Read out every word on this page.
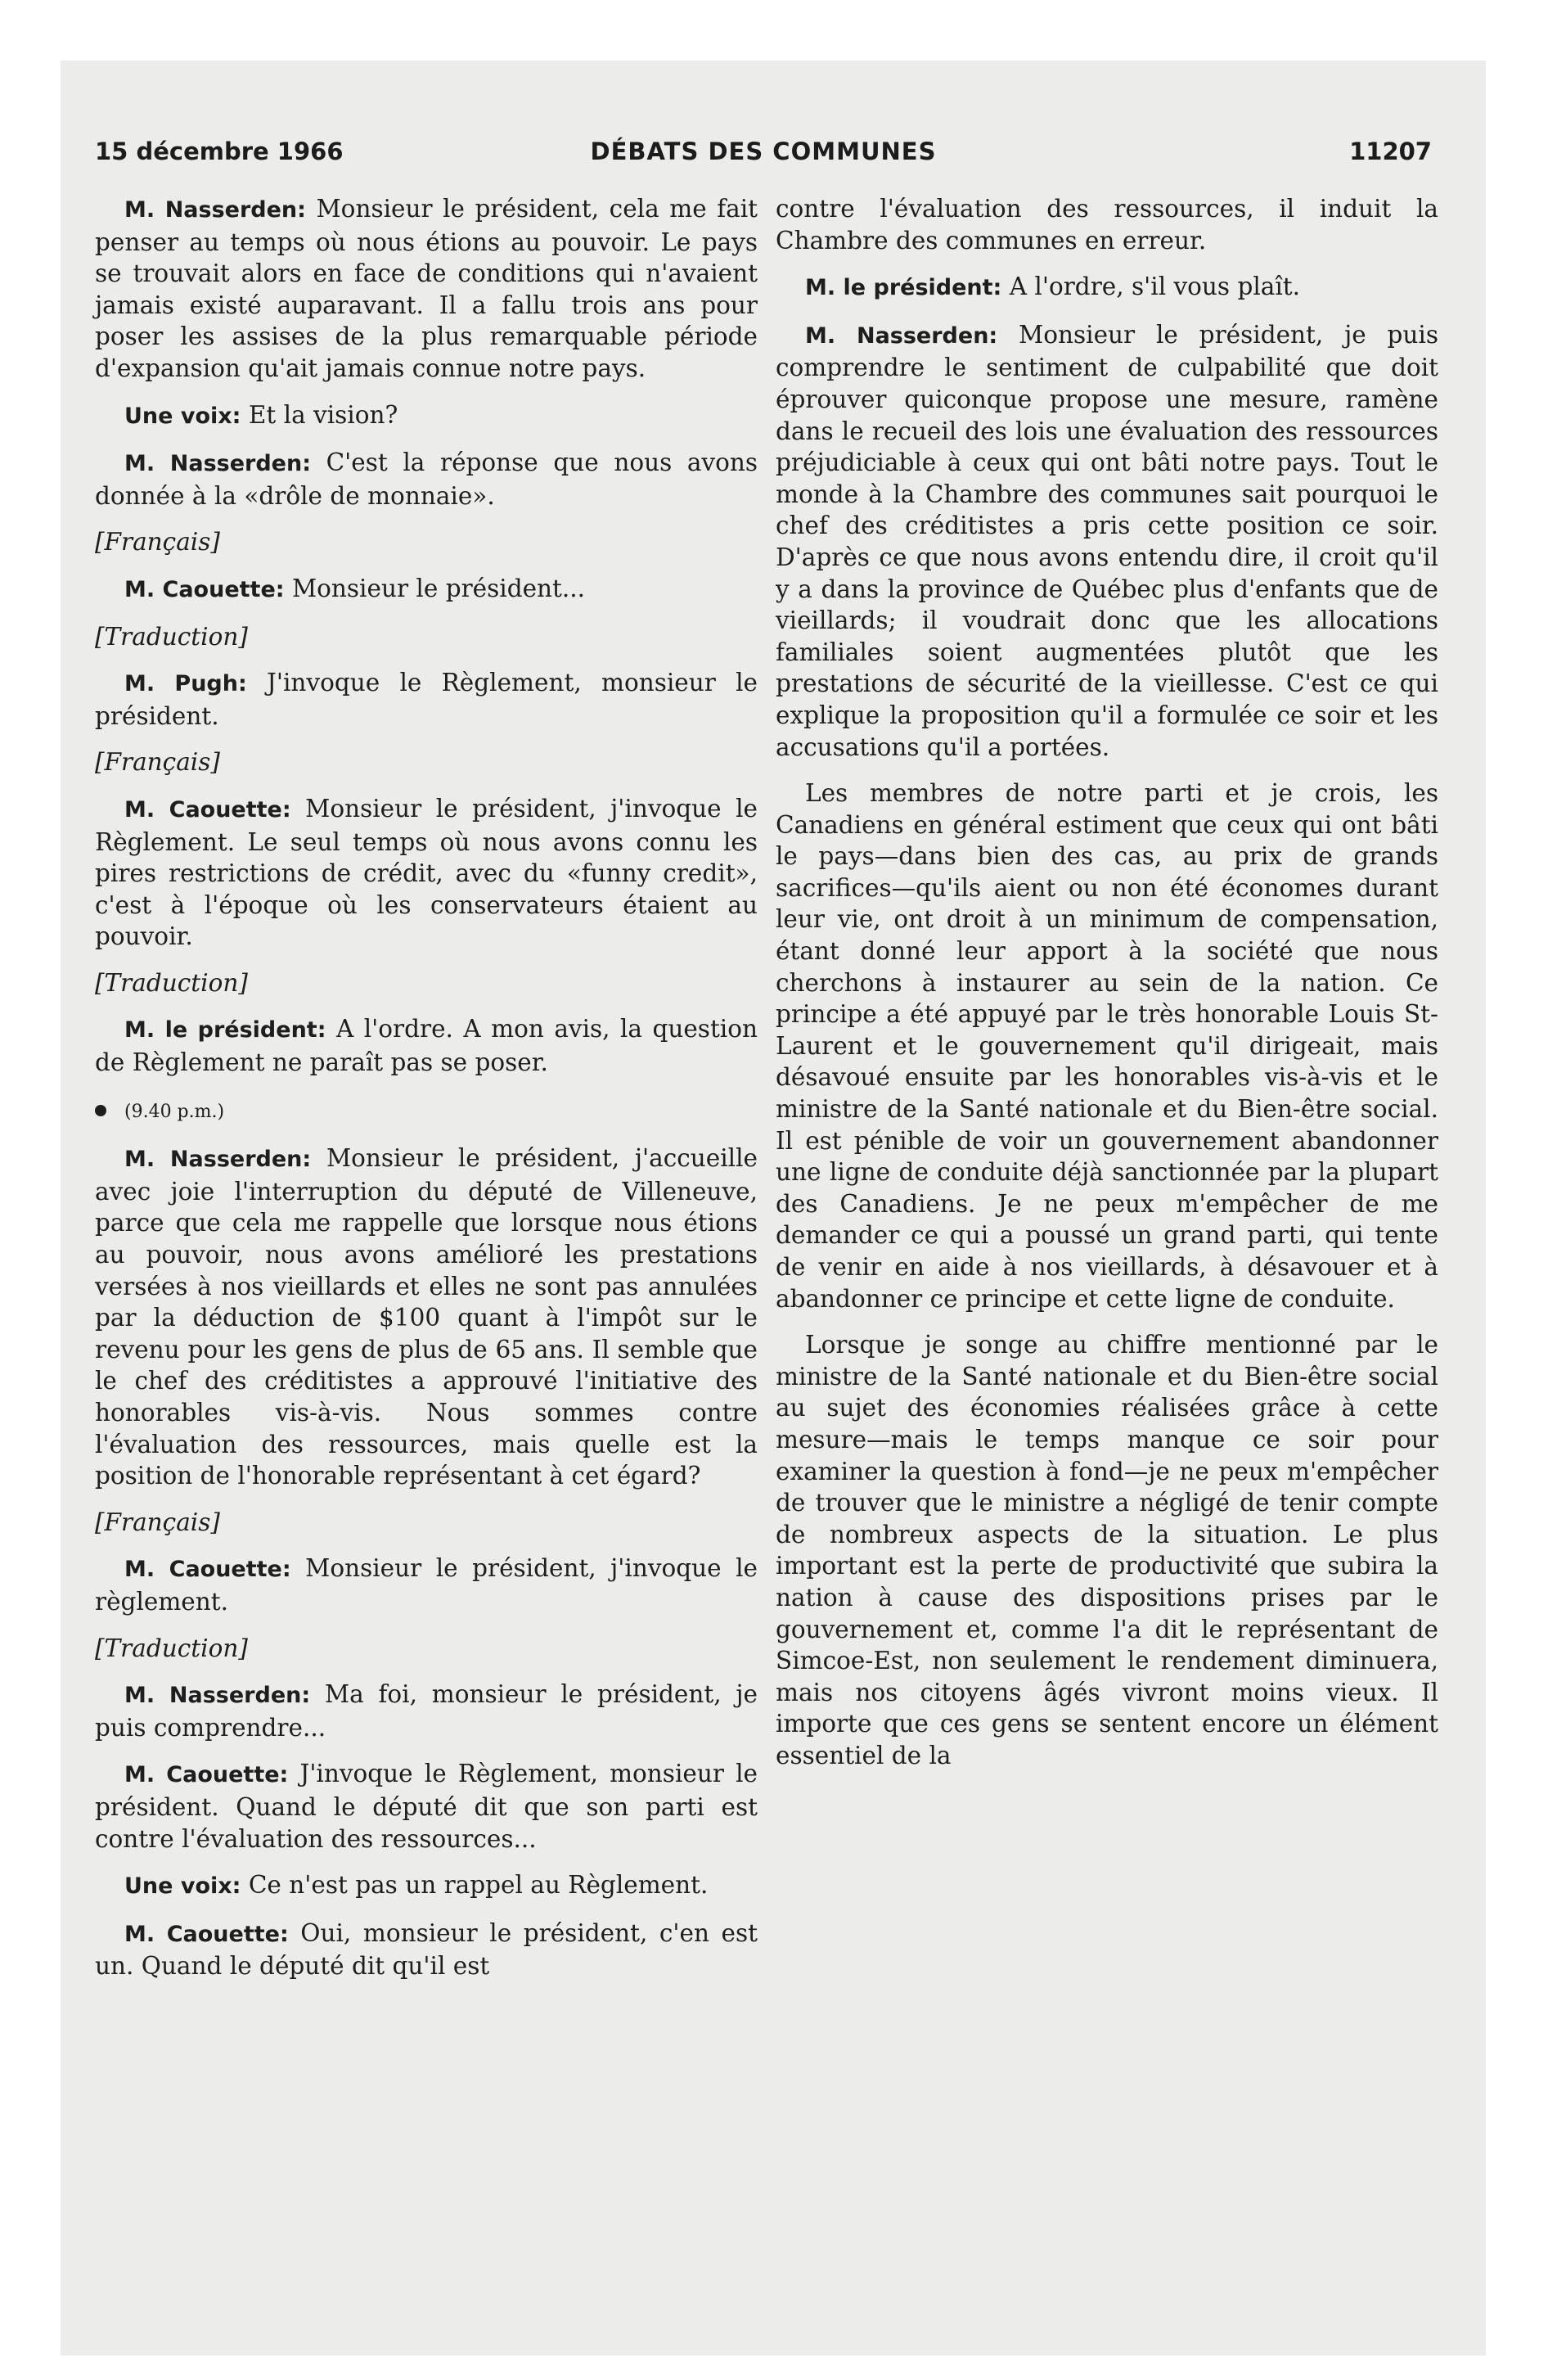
15 décembre 1966	DÉBATS DES COMMUNES	11207

M. Nasserden: Monsieur le président, cela me fait penser au temps où nous étions au pouvoir. Le pays se trouvait alors en face de conditions qui n'avaient jamais existé auparavant. Il a fallu trois ans pour poser les assises de la plus remarquable période d'expansion qu'ait jamais connue notre pays.

Une voix: Et la vision?

M. Nasserden: C'est la réponse que nous avons donnée à la «drôle de monnaie».

[Français]

M. Caouette: Monsieur le président...

[Traduction]

M. Pugh: J'invoque le Règlement, monsieur le président.

[Français]

M. Caouette: Monsieur le président, j'invoque le Règlement. Le seul temps où nous avons connu les pires restrictions de crédit, avec du «funny credit», c'est à l'époque où les conservateurs étaient au pouvoir.

[Traduction]

M. le président: A l'ordre. A mon avis, la question de Règlement ne paraît pas se poser.

(9.40 p.m.)

M. Nasserden: Monsieur le président, j'accueille avec joie l'interruption du député de Villeneuve, parce que cela me rappelle que lorsque nous étions au pouvoir, nous avons amélioré les prestations versées à nos vieillards et elles ne sont pas annulées par la déduction de $100 quant à l'impôt sur le revenu pour les gens de plus de 65 ans. Il semble que le chef des créditistes a approuvé l'initiative des honorables vis-à-vis. Nous sommes contre l'évaluation des ressources, mais quelle est la position de l'honorable représentant à cet égard?

[Français]

M. Caouette: Monsieur le président, j'invoque le règlement.

[Traduction]

M. Nasserden: Ma foi, monsieur le président, je puis comprendre...

M. Caouette: J'invoque le Règlement, monsieur le président. Quand le député dit que son parti est contre l'évaluation des ressources...

Une voix: Ce n'est pas un rappel au Règlement.

M. Caouette: Oui, monsieur le président, c'en est un. Quand le député dit qu'il est

contre l'évaluation des ressources, il induit la Chambre des communes en erreur.

M. le président: A l'ordre, s'il vous plaît.

M. Nasserden: Monsieur le président, je puis comprendre le sentiment de culpabilité que doit éprouver quiconque propose une mesure, ramène dans le recueil des lois une évaluation des ressources préjudiciable à ceux qui ont bâti notre pays. Tout le monde à la Chambre des communes sait pourquoi le chef des créditistes a pris cette position ce soir. D'après ce que nous avons entendu dire, il croit qu'il y a dans la province de Québec plus d'enfants que de vieillards; il voudrait donc que les allocations familiales soient augmentées plutôt que les prestations de sécurité de la vieillesse. C'est ce qui explique la proposition qu'il a formulée ce soir et les accusations qu'il a portées.

Les membres de notre parti et je crois, les Canadiens en général estiment que ceux qui ont bâti le pays—dans bien des cas, au prix de grands sacrifices—qu'ils aient ou non été économes durant leur vie, ont droit à un minimum de compensation, étant donné leur apport à la société que nous cherchons à instaurer au sein de la nation. Ce principe a été appuyé par le très honorable Louis St-Laurent et le gouvernement qu'il dirigeait, mais désavoué ensuite par les honorables vis-à-vis et le ministre de la Santé nationale et du Bien-être social. Il est pénible de voir un gouvernement abandonner une ligne de conduite déjà sanctionnée par la plupart des Canadiens. Je ne peux m'empêcher de me demander ce qui a poussé un grand parti, qui tente de venir en aide à nos vieillards, à désavouer et à abandonner ce principe et cette ligne de conduite.

Lorsque je songe au chiffre mentionné par le ministre de la Santé nationale et du Bien-être social au sujet des économies réalisées grâce à cette mesure—mais le temps manque ce soir pour examiner la question à fond—je ne peux m'empêcher de trouver que le ministre a négligé de tenir compte de nombreux aspects de la situation. Le plus important est la perte de productivité que subira la nation à cause des dispositions prises par le gouvernement et, comme l'a dit le représentant de Simcoe-Est, non seulement le rendement diminuera, mais nos citoyens âgés vivront moins vieux. Il importe que ces gens se sentent encore un élément essentiel de la
